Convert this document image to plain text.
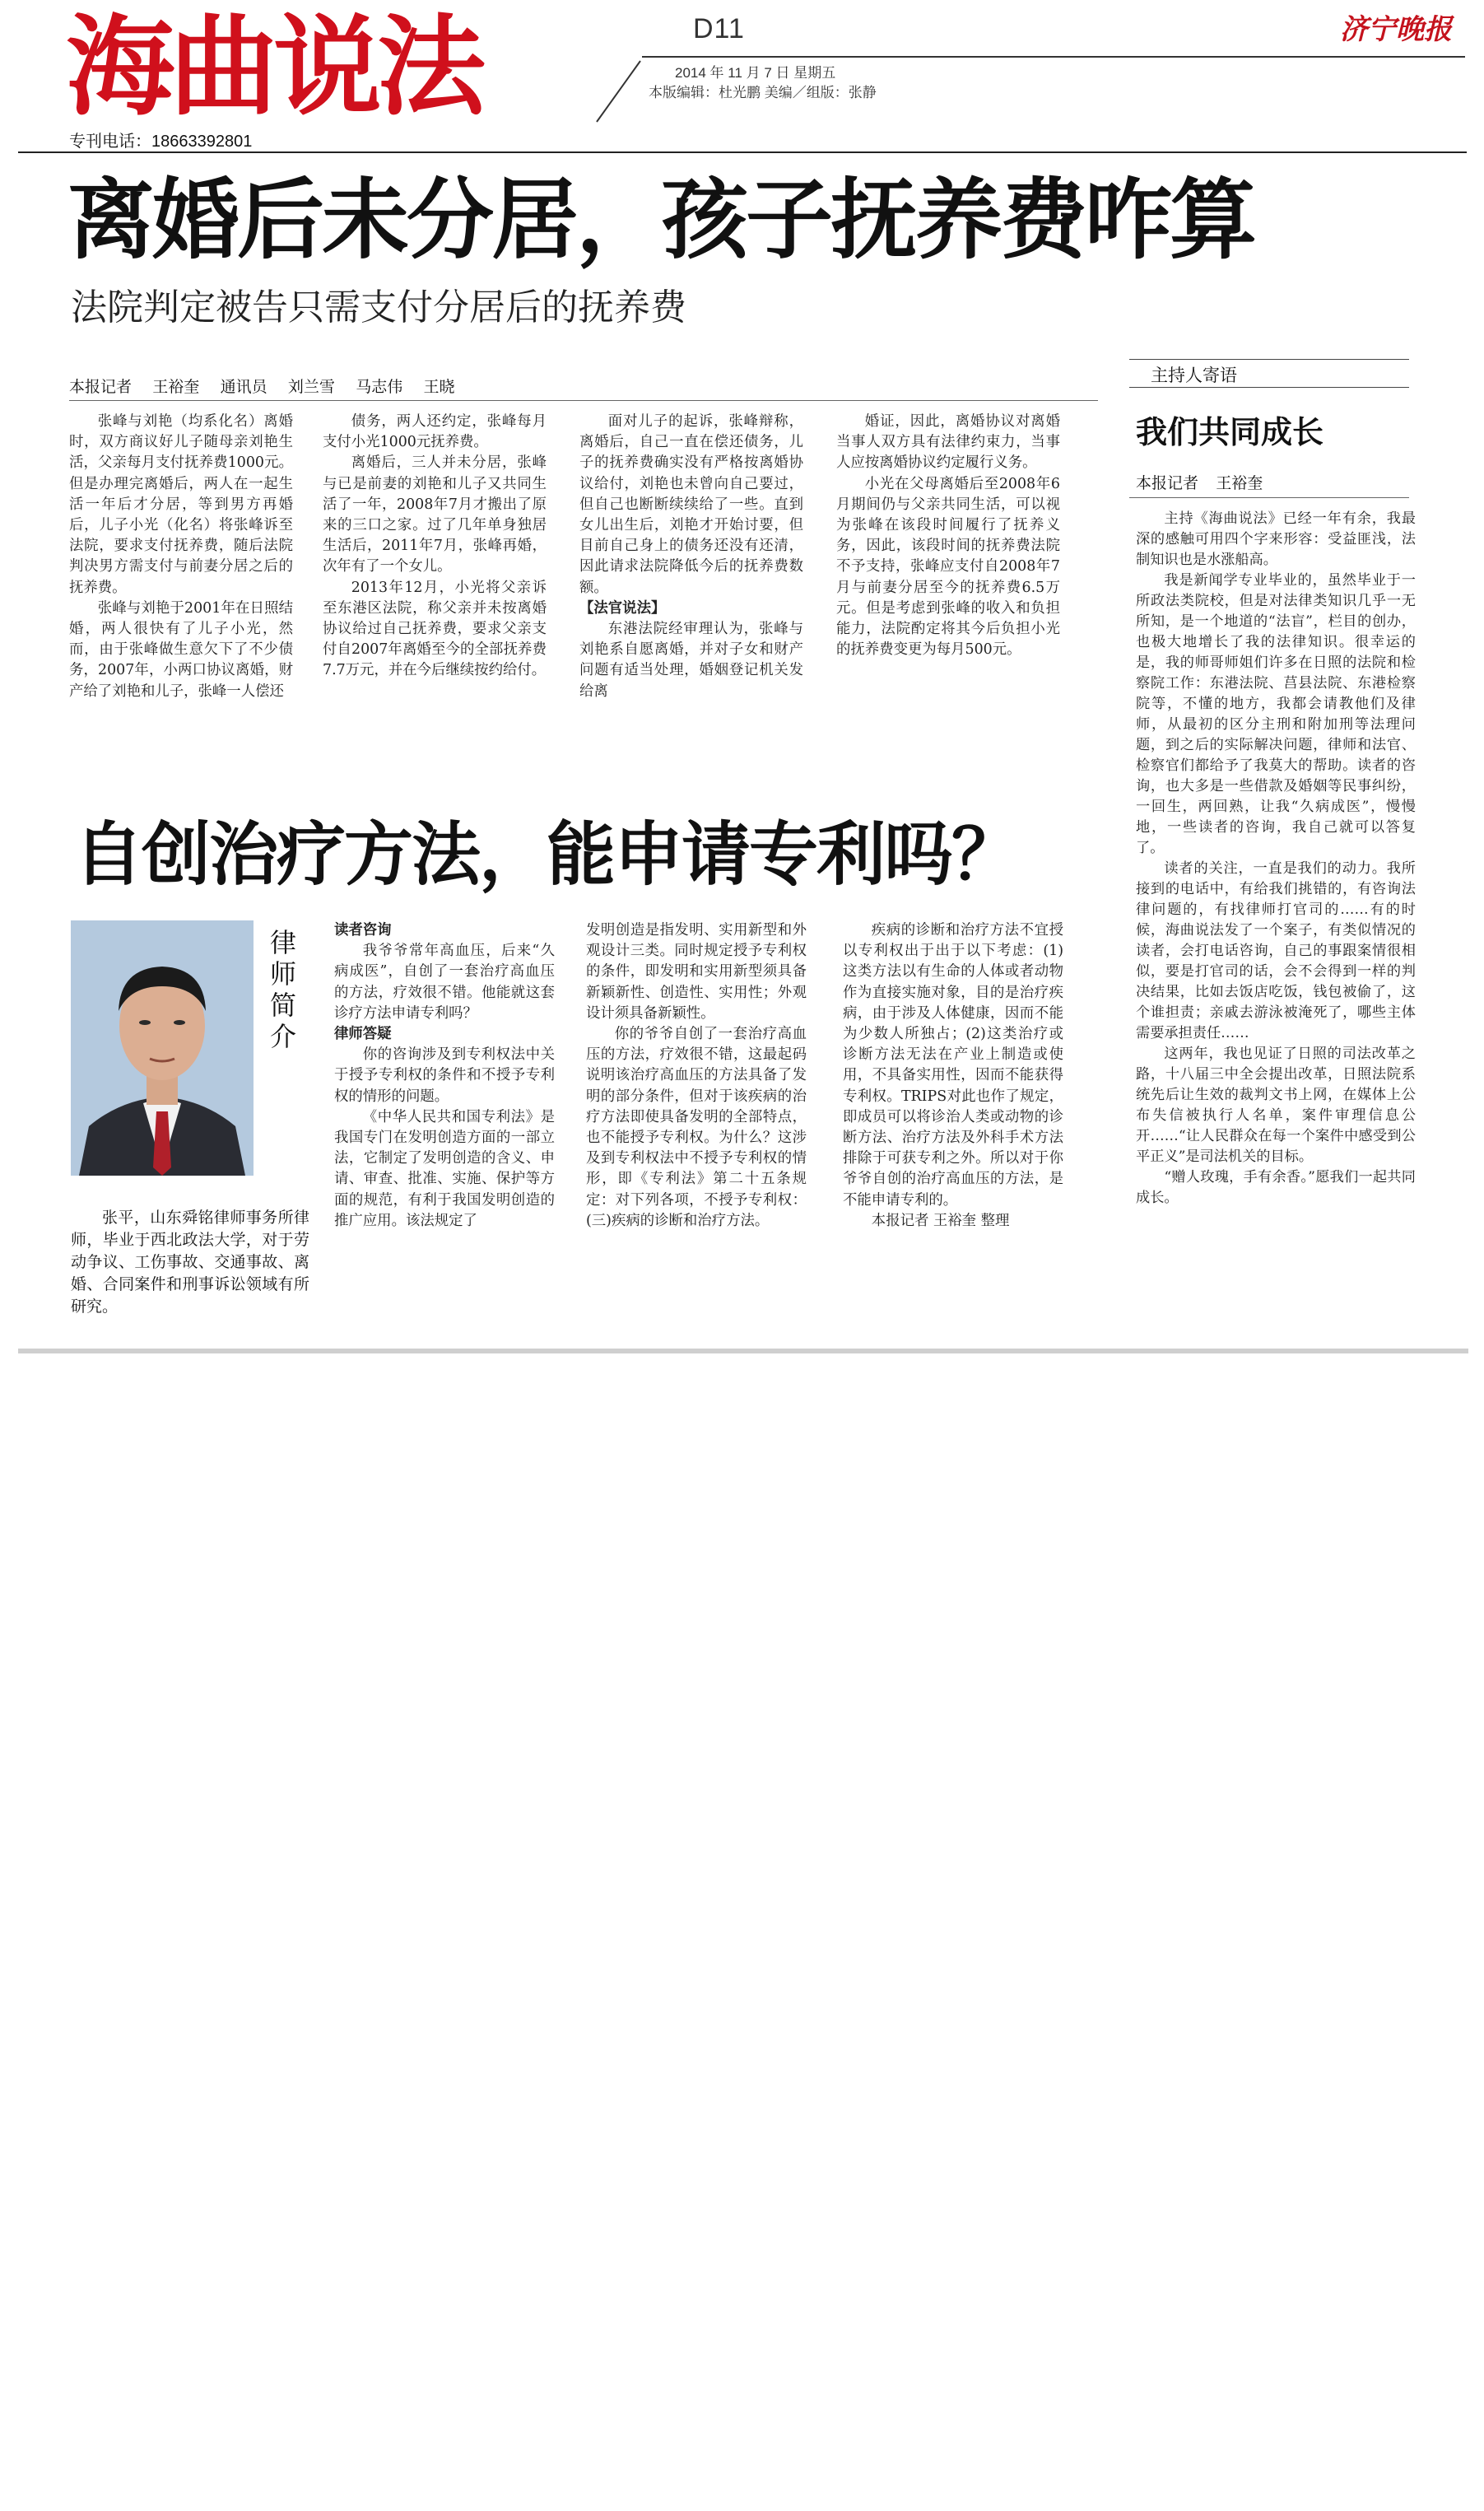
海曲说法	D11
2014 年 11 月 7 日 星期五
本版编辑：杜光鹏 美编／组版：张静
济宁晚报
专刊电话：18663392801
离婚后未分居，孩子抚养费咋算
法院判定被告只需支付分居后的抚养费
本报记者 王裕奎 通讯员 刘兰雪 马志伟 王晓

张峰与刘艳（均系化名）离婚时，双方商议好儿子随母亲刘艳生活，父亲每月支付抚养费1000元。但是办理完离婚后，两人在一起生活一年后才分居，等到男方再婚后，儿子小光（化名）将张峰诉至法院，要求支付抚养费，随后法院判决男方需支付与前妻分居之后的抚养费。

张峰与刘艳于2001年在日照结婚，两人很快有了儿子小光，然而，由于张峰做生意欠下了不少债务，2007年，小两口协议离婚，财产给了刘艳和儿子，张峰一人偿还

债务，两人还约定，张峰每月支付小光1000元抚养费。

离婚后，三人并未分居，张峰与已是前妻的刘艳和儿子又共同生活了一年，2008年7月才搬出了原来的三口之家。过了几年单身独居生活后，2011年7月，张峰再婚，次年有了一个女儿。

2013年12月，小光将父亲诉至东港区法院，称父亲并未按离婚协议给过自己抚养费，要求父亲支付自2007年离婚至今的全部抚养费7.7万元，并在今后继续按约给付。

面对儿子的起诉，张峰辩称，离婚后，自己一直在偿还债务，儿子的抚养费确实没有严格按离婚协议给付，刘艳也未曾向自己要过，但自己也断断续续给了一些。直到女儿出生后，刘艳才开始讨要，但目前自己身上的债务还没有还清，因此请求法院降低今后的抚养费数额。

【法官说法】

东港法院经审理认为，张峰与刘艳系自愿离婚，并对子女和财产问题有适当处理，婚姻登记机关发给离

婚证，因此，离婚协议对离婚当事人双方具有法律约束力，当事人应按离婚协议约定履行义务。

小光在父母离婚后至2008年6月期间仍与父亲共同生活，可以视为张峰在该段时间履行了抚养义务，因此，该段时间的抚养费法院不予支持，张峰应支付自2008年7月与前妻分居至今的抚养费6.5万元。但是考虑到张峰的收入和负担能力，法院酌定将其今后负担小光的抚养费变更为每月500元。

自创治疗方法，能申请专利吗？
律师简介
张平，山东舜铭律师事务所律师，毕业于西北政法大学，对于劳动争议、工伤事故、交通事故、离婚、合同案件和刑事诉讼领域有所研究。

读者咨询

我爷爷常年高血压，后来“久病成医”，自创了一套治疗高血压的方法，疗效很不错。他能就这套诊疗方法申请专利吗？

律师答疑

你的咨询涉及到专利权法中关于授予专利权的条件和不授予专利权的情形的问题。

《中华人民共和国专利法》是我国专门在发明创造方面的一部立法，它制定了发明创造的含义、申请、审查、批准、实施、保护等方面的规范，有利于我国发明创造的推广应用。该法规定了

发明创造是指发明、实用新型和外观设计三类。同时规定授予专利权的条件，即发明和实用新型须具备新颖新性、创造性、实用性；外观设计须具备新颖性。

你的爷爷自创了一套治疗高血压的方法，疗效很不错，这最起码说明该治疗高血压的方法具备了发明的部分条件，但对于该疾病的治疗方法即使具备发明的全部特点，也不能授予专利权。为什么？这涉及到专利权法中不授予专利权的情形，即《专利法》第二十五条规定：对下列各项，不授予专利权：(三)疾病的诊断和治疗方法。

疾病的诊断和治疗方法不宜授以专利权出于出于以下考虑：(1)这类方法以有生命的人体或者动物作为直接实施对象，目的是治疗疾病，由于涉及人体健康，因而不能为少数人所独占；(2)这类治疗或诊断方法无法在产业上制造或使用，不具备实用性，因而不能获得专利权。TRIPS对此也作了规定，即成员可以将诊治人类或动物的诊断方法、治疗方法及外科手术方法排除于可获专利之外。所以对于你爷爷自创的治疗高血压的方法，是不能申请专利的。

本报记者 王裕奎 整理

主持人寄语
我们共同成长
本报记者 王裕奎

主持《海曲说法》已经一年有余，我最深的感触可用四个字来形容：受益匪浅，法制知识也是水涨船高。

我是新闻学专业毕业的，虽然毕业于一所政法类院校，但是对法律类知识几乎一无所知，是一个地道的“法盲”，栏目的创办，也极大地增长了我的法律知识。很幸运的是，我的师哥师姐们许多在日照的法院和检察院工作：东港法院、莒县法院、东港检察院等，不懂的地方，我都会请教他们及律师，从最初的区分主刑和附加刑等法理问题，到之后的实际解决问题，律师和法官、检察官们都给予了我莫大的帮助。读者的咨询，也大多是一些借款及婚姻等民事纠纷，一回生，两回熟，让我“久病成医”，慢慢地，一些读者的咨询，我自己就可以答复了。

读者的关注，一直是我们的动力。我所接到的电话中，有给我们挑错的，有咨询法律问题的，有找律师打官司的……有的时候，海曲说法发了一个案子，有类似情况的读者，会打电话咨询，自己的事跟案情很相似，要是打官司的话，会不会得到一样的判决结果，比如去饭店吃饭，钱包被偷了，这个谁担责；亲戚去游泳被淹死了，哪些主体需要承担责任……

这两年，我也见证了日照的司法改革之路，十八届三中全会提出改革，日照法院系统先后让生效的裁判文书上网，在媒体上公布失信被执行人名单，案件审理信息公开……“让人民群众在每一个案件中感受到公平正义”是司法机关的目标。

“赠人玫瑰，手有余香。”愿我们一起共同成长。
